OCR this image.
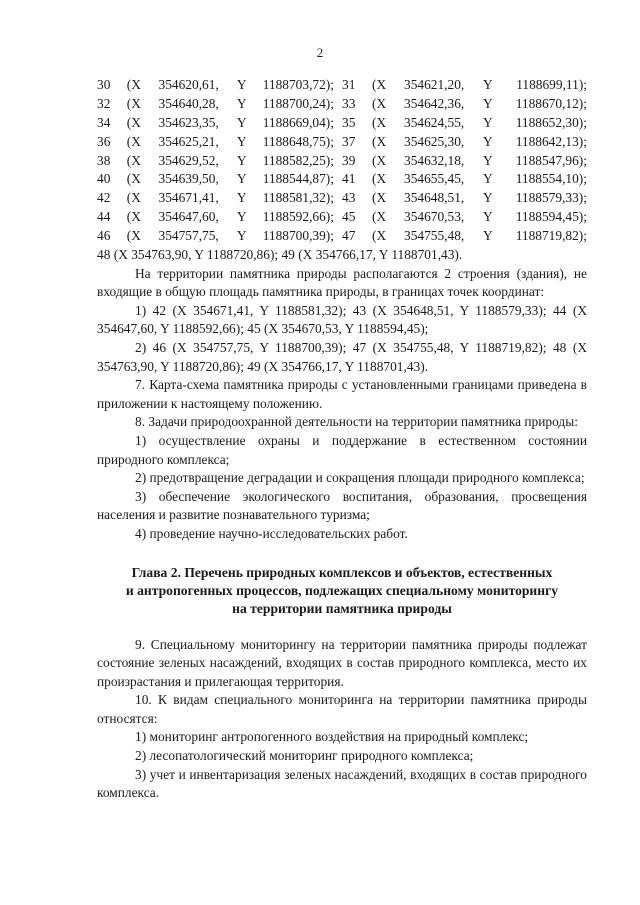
2
30	(X	354620,61,	Y	1188703,72); 31	(X	354621,20,	Y	1188699,11);
32	(X	354640,28,	Y	1188700,24); 33	(X	354642,36,	Y	1188670,12);
34	(X	354623,35,	Y	1188669,04); 35	(X	354624,55,	Y	1188652,30);
36	(X	354625,21,	Y	1188648,75); 37	(X	354625,30,	Y	1188642,13);
38	(X	354629,52,	Y	1188582,25); 39	(X	354632,18,	Y	1188547,96);
40	(X	354639,50,	Y	1188544,87); 41	(X	354655,45,	Y	1188554,10);
42	(X	354671,41,	Y	1188581,32); 43	(X	354648,51,	Y	1188579,33);
44	(X	354647,60,	Y	1188592,66); 45	(X	354670,53,	Y	1188594,45);
46	(X	354757,75,	Y	1188700,39); 47	(X	354755,48,	Y	1188719,82);

48 (X 354763,90, Y 1188720,86); 49 (X 354766,17, Y 1188701,43).

На территории памятника природы располагаются 2 строения (здания), не входящие в общую площадь памятника природы, в границах точек координат:

1) 42 (X 354671,41, Y 1188581,32); 43 (X 354648,51, Y 1188579,33); 44 (X 354647,60, Y 1188592,66); 45 (X 354670,53, Y 1188594,45);

2) 46 (X 354757,75, Y 1188700,39); 47 (X 354755,48, Y 1188719,82); 48 (X 354763,90, Y 1188720,86); 49 (X 354766,17, Y 1188701,43).

7. Карта-схема памятника природы с установленными границами приведена в приложении к настоящему положению.

8. Задачи природоохранной деятельности на территории памятника природы:

1) осуществление охраны и поддержание в естественном состоянии природного комплекса;

2) предотвращение деградации и сокращения площади природного комплекса;

3) обеспечение экологического воспитания, образования, просвещения населения и развитие познавательного туризма;

4) проведение научно-исследовательских работ.

Глава 2. Перечень природных комплексов и объектов, естественных
и антропогенных процессов, подлежащих специальному мониторингу
на территории памятника природы

9. Специальному мониторингу на территории памятника природы подлежат состояние зеленых насаждений, входящих в состав природного комплекса, место их произрастания и прилегающая территория.

10. К видам специального мониторинга на территории памятника природы относятся:

1) мониторинг антропогенного воздействия на природный комплекс;

2) лесопатологический мониторинг природного комплекса;

3) учет и инвентаризация зеленых насаждений, входящих в состав природного комплекса.
